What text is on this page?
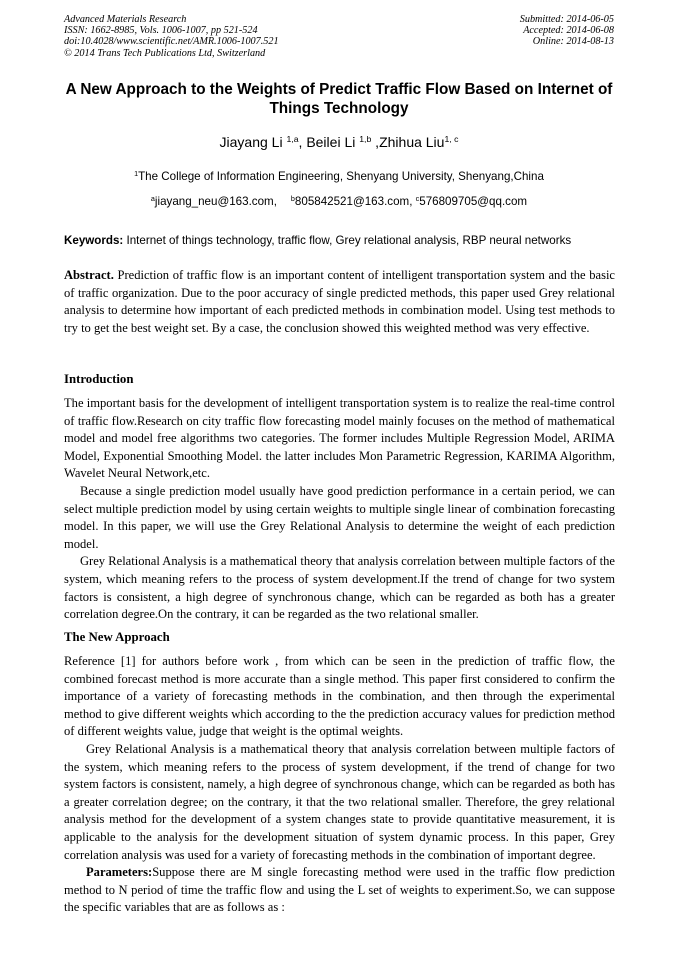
Advanced Materials Research
ISSN: 1662-8985, Vols. 1006-1007, pp 521-524
doi:10.4028/www.scientific.net/AMR.1006-1007.521
© 2014 Trans Tech Publications Ltd, Switzerland
Submitted: 2014-06-05
Accepted: 2014-06-08
Online: 2014-08-13
A New Approach to the Weights of Predict Traffic Flow Based on Internet of Things Technology
Jiayang Li $^{1,a}$, Beilei Li $^{1,b}$ ,Zhihua Liu$^{1, c}$
$^1$The College of Information Engineering, Shenyang University, Shenyang,China
$^a$jiayang_neu@163.com, $^b$805842521@163.com, $^c$576809705@qq.com
Keywords: Internet of things technology, traffic flow, Grey relational analysis, RBP neural networks

Abstract. Prediction of traffic flow is an important content of intelligent transportation system and the basic of traffic organization. Due to the poor accuracy of single predicted methods, this paper used Grey relational analysis to determine how important of each predicted methods in combination model. Using test methods to try to get the best weight set. By a case, the conclusion showed this weighted method was very effective.

Introduction

The important basis for the development of intelligent transportation system is to realize the real-time control of traffic flow.Research on city traffic flow forecasting model mainly focuses on the method of mathematical model and model free algorithms two categories. The former includes Multiple Regression Model, ARIMA Model, Exponential Smoothing Model. the latter includes Mon Parametric Regression, KARIMA Algorithm, Wavelet Neural Network,etc.

Because a single prediction model usually have good prediction performance in a certain period, we can select multiple prediction model by using certain weights to multiple single linear of combination forecasting model. In this paper, we will use the Grey Relational Analysis to determine the weight of each prediction model.

Grey Relational Analysis is a mathematical theory that analysis correlation between multiple factors of the system, which meaning refers to the process of system development.If the trend of change for two system factors is consistent, a high degree of synchronous change, which can be regarded as both has a greater correlation degree.On the contrary, it can be regarded as the two relational smaller.

The New Approach

Reference [1] for authors before work , from which can be seen in the prediction of traffic flow, the combined forecast method is more accurate than a single method. This paper first considered to confirm the importance of a variety of forecasting methods in the combination, and then through the experimental method to give different weights which according to the the prediction accuracy values for prediction method of different weights value, judge that weight is the optimal weights.

Grey Relational Analysis is a mathematical theory that analysis correlation between multiple factors of the system, which meaning refers to the process of system development, if the trend of change for two system factors is consistent, namely, a high degree of synchronous change, which can be regarded as both has a greater correlation degree; on the contrary, it that the two relational smaller. Therefore, the grey relational analysis method for the development of a system changes state to provide quantitative measurement, it is applicable to the analysis for the development situation of system dynamic process. In this paper, Grey correlation analysis was used for a variety of forecasting methods in the combination of important degree.

Parameters:Suppose there are M single forecasting method were used in the traffic flow prediction method to N period of time the traffic flow and using the L set of weights to experiment.So, we can suppose the specific variables that are as follows as :
